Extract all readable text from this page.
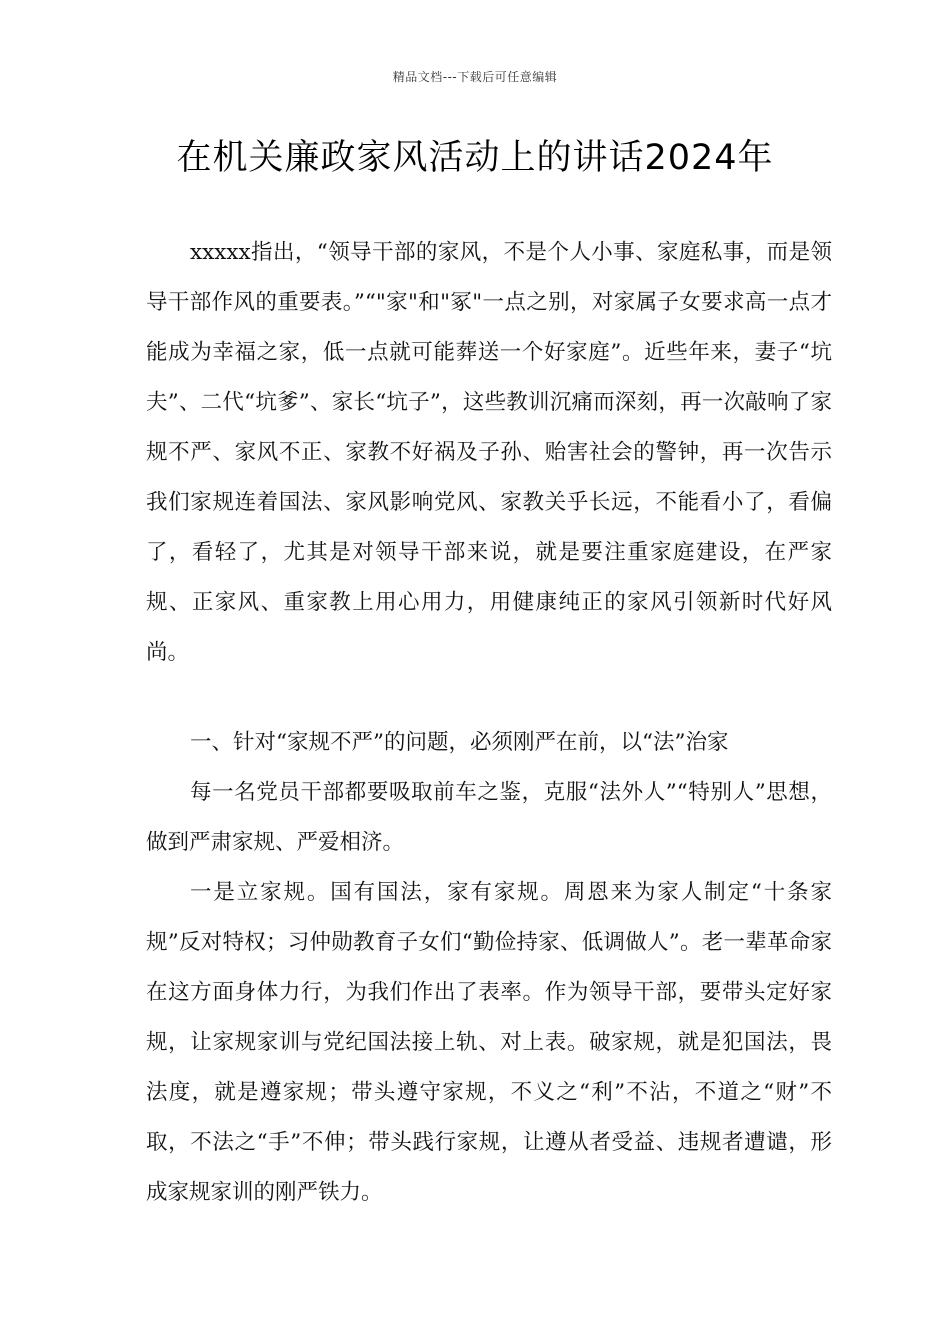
精品文档---下载后可任意编辑
在机关廉政家风活动上的讲话2024年

xxxxx指出，“领导干部的家风，不是个人小事、家庭私事，而是领导干部作风的重要表。”“"家"和"冢"一点之别，对家属子女要求高一点才能成为幸福之家，低一点就可能葬送一个好家庭”。近些年来，妻子“坑夫”、二代“坑爹”、家长“坑子”，这些教训沉痛而深刻，再一次敲响了家规不严、家风不正、家教不好祸及子孙、贻害社会的警钟，再一次告示我们家规连着国法、家风影响党风、家教关乎长远，不能看小了，看偏了，看轻了，尤其是对领导干部来说，就是要注重家庭建设，在严家规、正家风、重家教上用心用力，用健康纯正的家风引领新时代好风尚。

一、针对“家规不严”的问题，必须刚严在前，以“法”治家

每一名党员干部都要吸取前车之鉴，克服“法外人”“特别人”思想，做到严肃家规、严爱相济。

一是立家规。国有国法，家有家规。周恩来为家人制定“十条家规”反对特权；习仲勋教育子女们“勤俭持家、低调做人”。老一辈革命家在这方面身体力行，为我们作出了表率。作为领导干部，要带头定好家规，让家规家训与党纪国法接上轨、对上表。破家规，就是犯国法，畏法度，就是遵家规；带头遵守家规，不义之“利”不沾，不道之“财”不取，不法之“手”不伸；带头践行家规，让遵从者受益、违规者遭谴，形成家规家训的刚严铁力。
